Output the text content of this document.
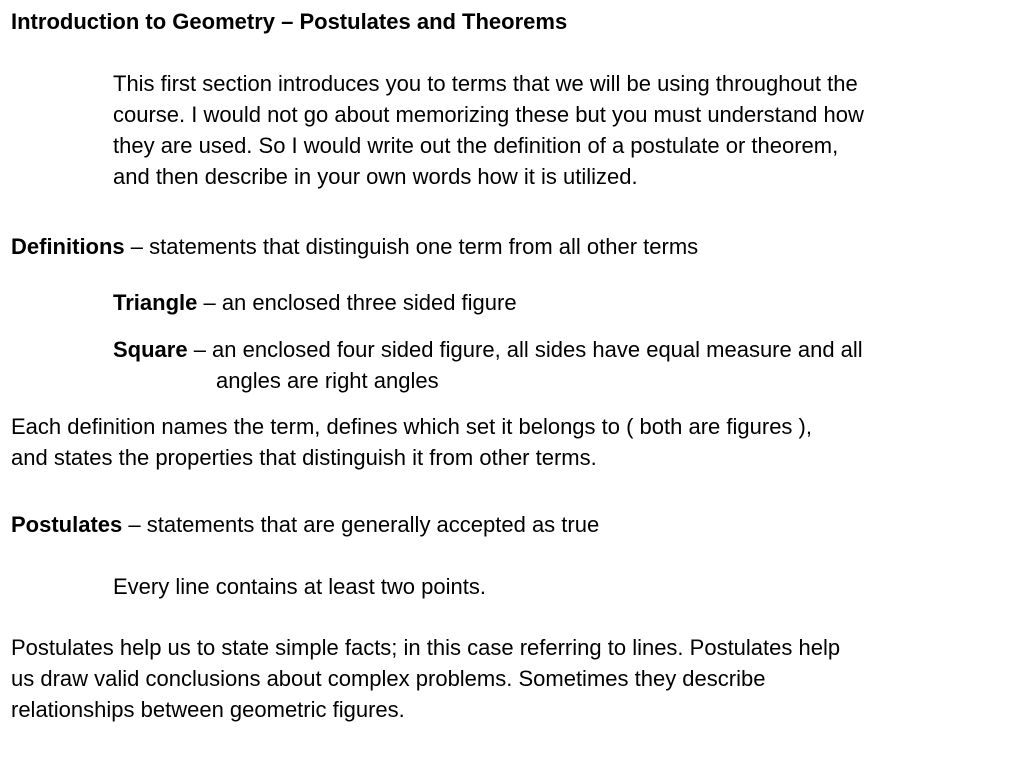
Introduction to Geometry – Postulates and Theorems
This first section introduces you to terms that we will be using throughout the
course. I would not go about memorizing these but you must understand how
they are used. So I would write out the definition of a postulate or theorem,
and then describe in your own words how it is utilized.
Definitions – statements that distinguish one term from all other terms
Triangle – an enclosed three sided figure
Square – an enclosed four sided figure, all sides have equal measure and all
angles are right angles
Each definition names the term, defines which set it belongs to ( both are figures ),
and states the properties that distinguish it from other terms.
Postulates – statements that are generally accepted as true
Every line contains at least two points.
Postulates help us to state simple facts; in this case referring to lines. Postulates help
us draw valid conclusions about complex problems. Sometimes they describe
relationships between geometric figures.
